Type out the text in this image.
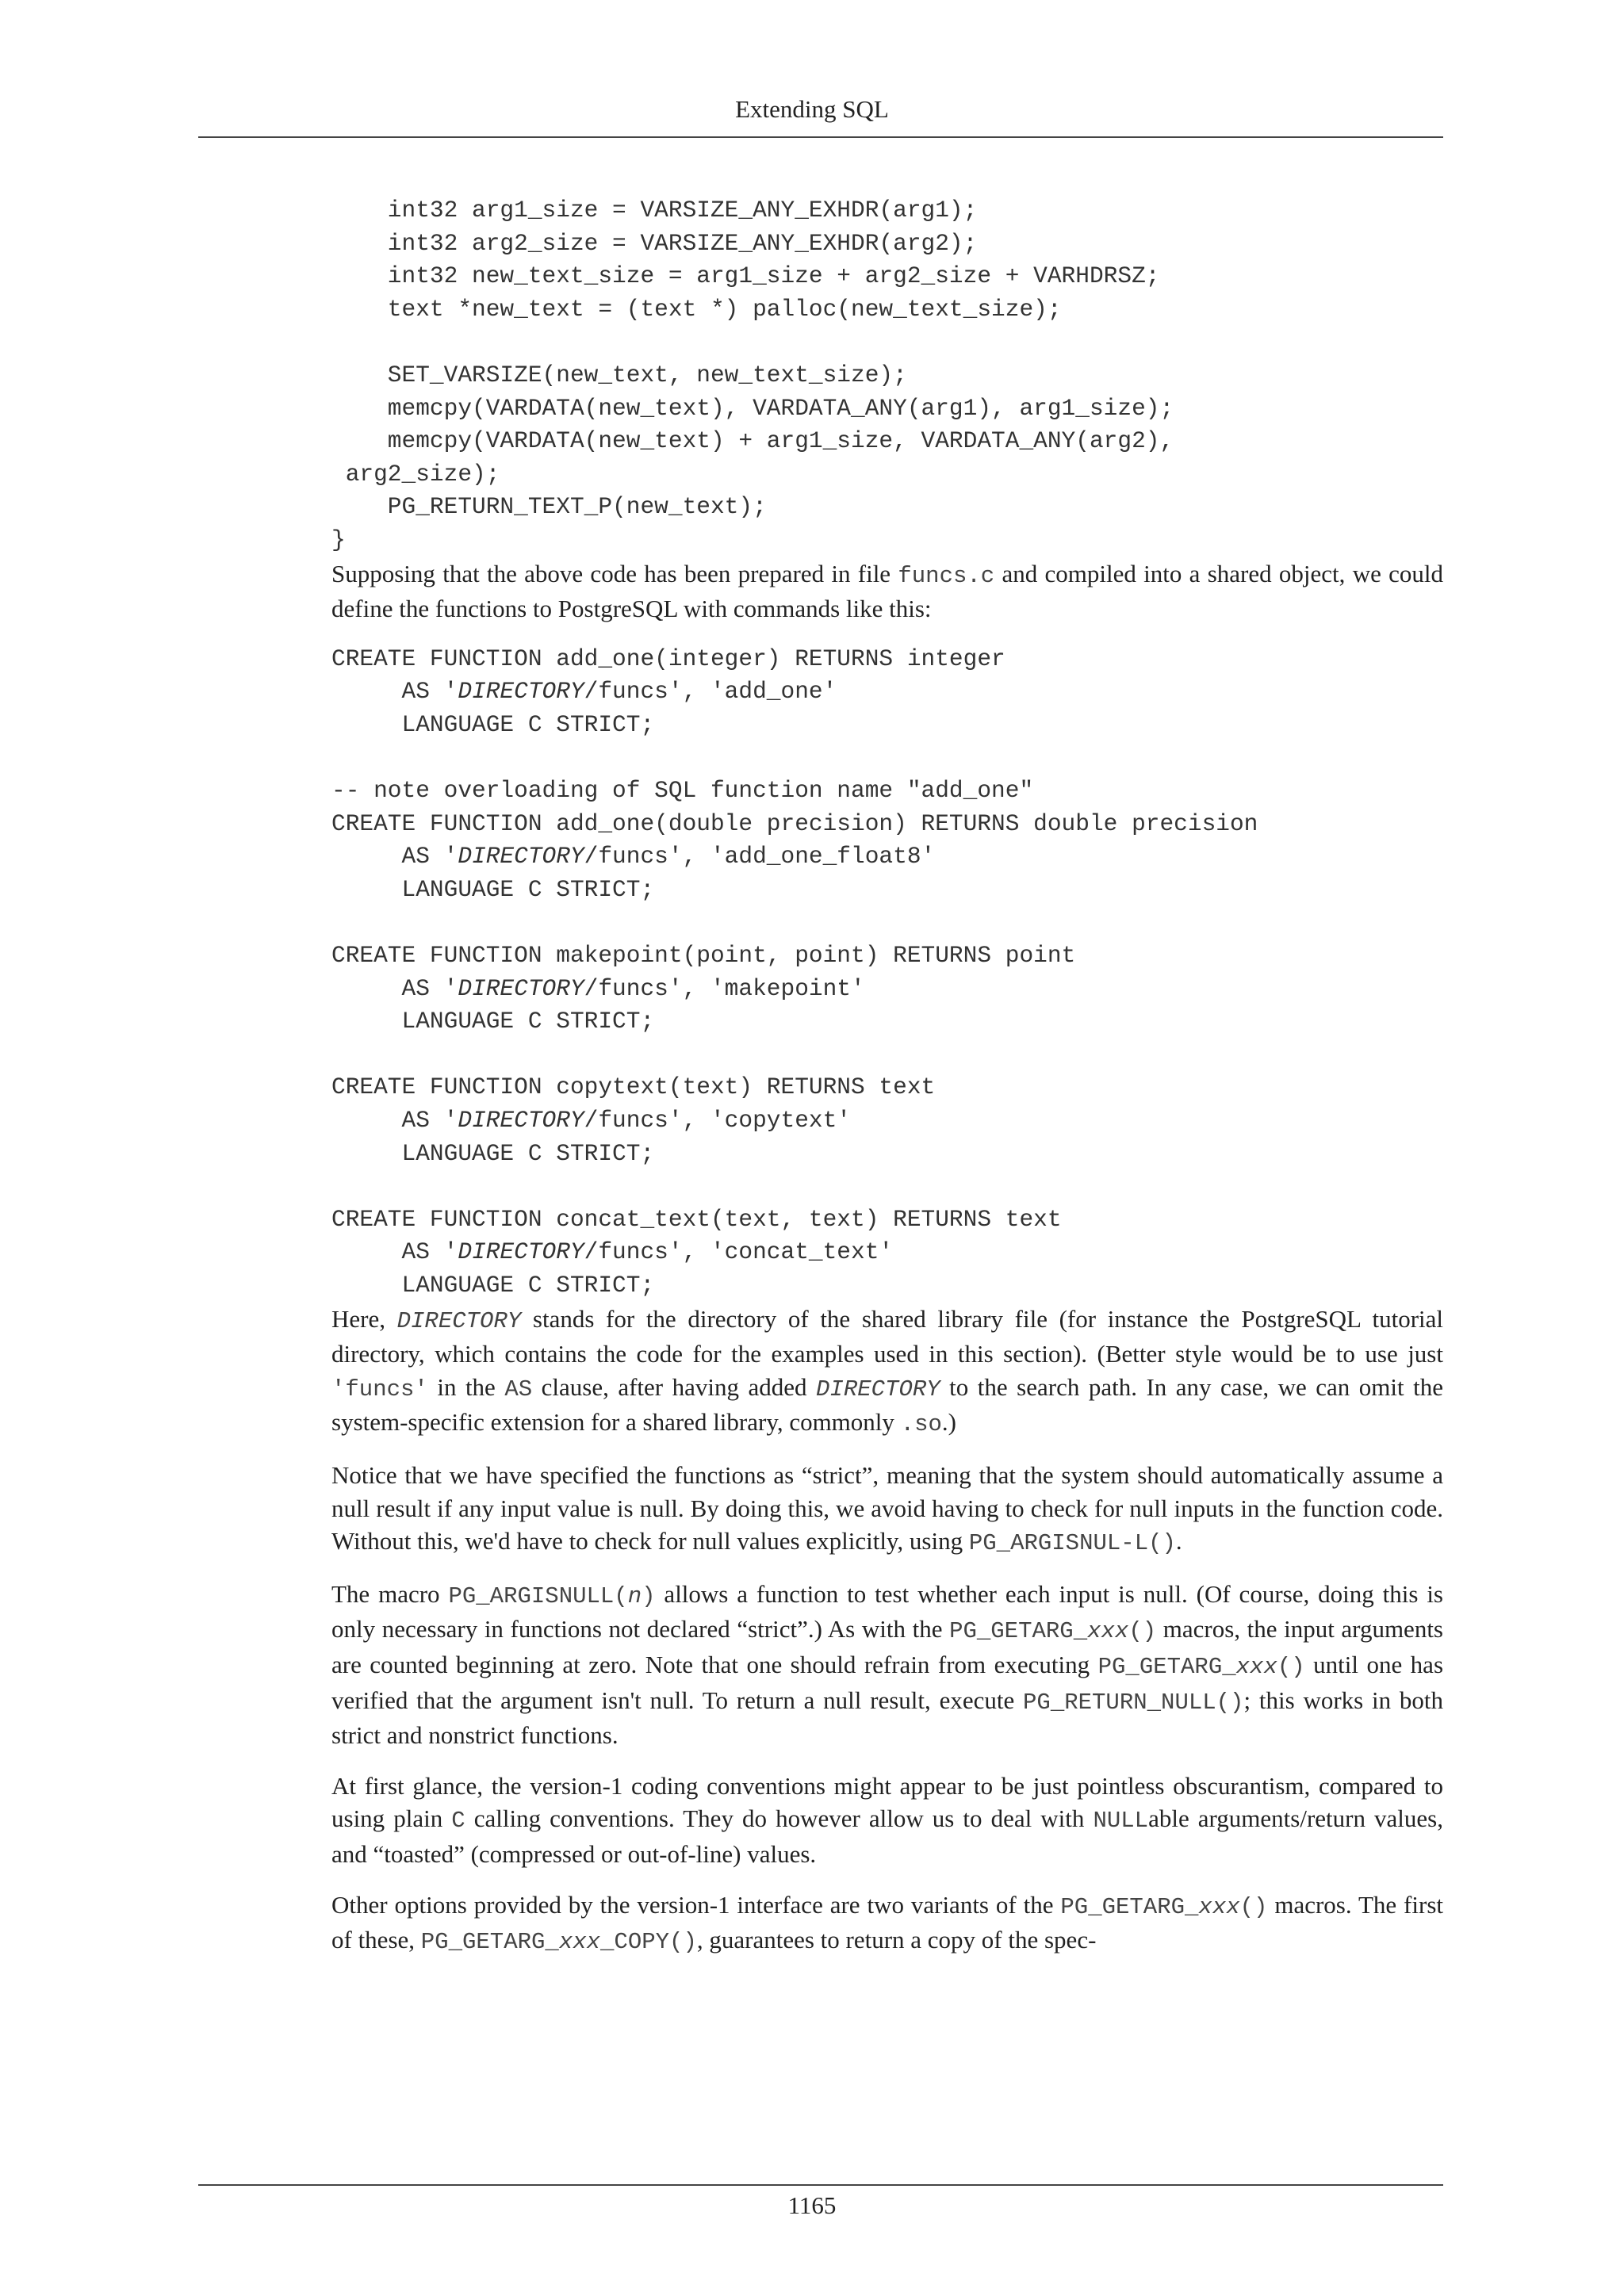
Extending SQL
int32 arg1_size = VARSIZE_ANY_EXHDR(arg1);
int32 arg2_size = VARSIZE_ANY_EXHDR(arg2);
int32 new_text_size = arg1_size + arg2_size + VARHDRSZ;
text *new_text = (text *) palloc(new_text_size);

SET_VARSIZE(new_text, new_text_size);
memcpy(VARDATA(new_text), VARDATA_ANY(arg1), arg1_size);
memcpy(VARDATA(new_text) + arg1_size, VARDATA_ANY(arg2),
arg2_size);
PG_RETURN_TEXT_P(new_text);
}

Supposing that the above code has been prepared in file funcs.c and compiled into a shared object, we could define the functions to PostgreSQL with commands like this:

CREATE FUNCTION add_one(integer) RETURNS integer
AS 'DIRECTORY/funcs', 'add_one'
LANGUAGE C STRICT;

-- note overloading of SQL function name "add_one"
CREATE FUNCTION add_one(double precision) RETURNS double precision
AS 'DIRECTORY/funcs', 'add_one_float8'
LANGUAGE C STRICT;

CREATE FUNCTION makepoint(point, point) RETURNS point
AS 'DIRECTORY/funcs', 'makepoint'
LANGUAGE C STRICT;

CREATE FUNCTION copytext(text) RETURNS text
AS 'DIRECTORY/funcs', 'copytext'
LANGUAGE C STRICT;

CREATE FUNCTION concat_text(text, text) RETURNS text
AS 'DIRECTORY/funcs', 'concat_text'
LANGUAGE C STRICT;

Here, DIRECTORY stands for the directory of the shared library file (for instance the PostgreSQL tutorial directory, which contains the code for the examples used in this section). (Better style would be to use just 'funcs' in the AS clause, after having added DIRECTORY to the search path. In any case, we can omit the system-specific extension for a shared library, commonly .so.)

Notice that we have specified the functions as “strict”, meaning that the system should automatically assume a null result if any input value is null. By doing this, we avoid having to check for null inputs in the function code. Without this, we'd have to check for null values explicitly, using PG_ARGISNUL-L().

The macro PG_ARGISNULL(n) allows a function to test whether each input is null. (Of course, doing this is only necessary in functions not declared “strict”.) As with the PG_GETARG_xxx() macros, the input arguments are counted beginning at zero. Note that one should refrain from executing PG_GETARG_xxx() until one has verified that the argument isn't null. To return a null result, execute PG_RETURN_NULL(); this works in both strict and nonstrict functions.

At first glance, the version-1 coding conventions might appear to be just pointless obscurantism, compared to using plain C calling conventions. They do however allow us to deal with NULLable arguments/return values, and “toasted” (compressed or out-of-line) values.

Other options provided by the version-1 interface are two variants of the PG_GETARG_xxx() macros. The first of these, PG_GETARG_xxx_COPY(), guarantees to return a copy of the spec-

1165
